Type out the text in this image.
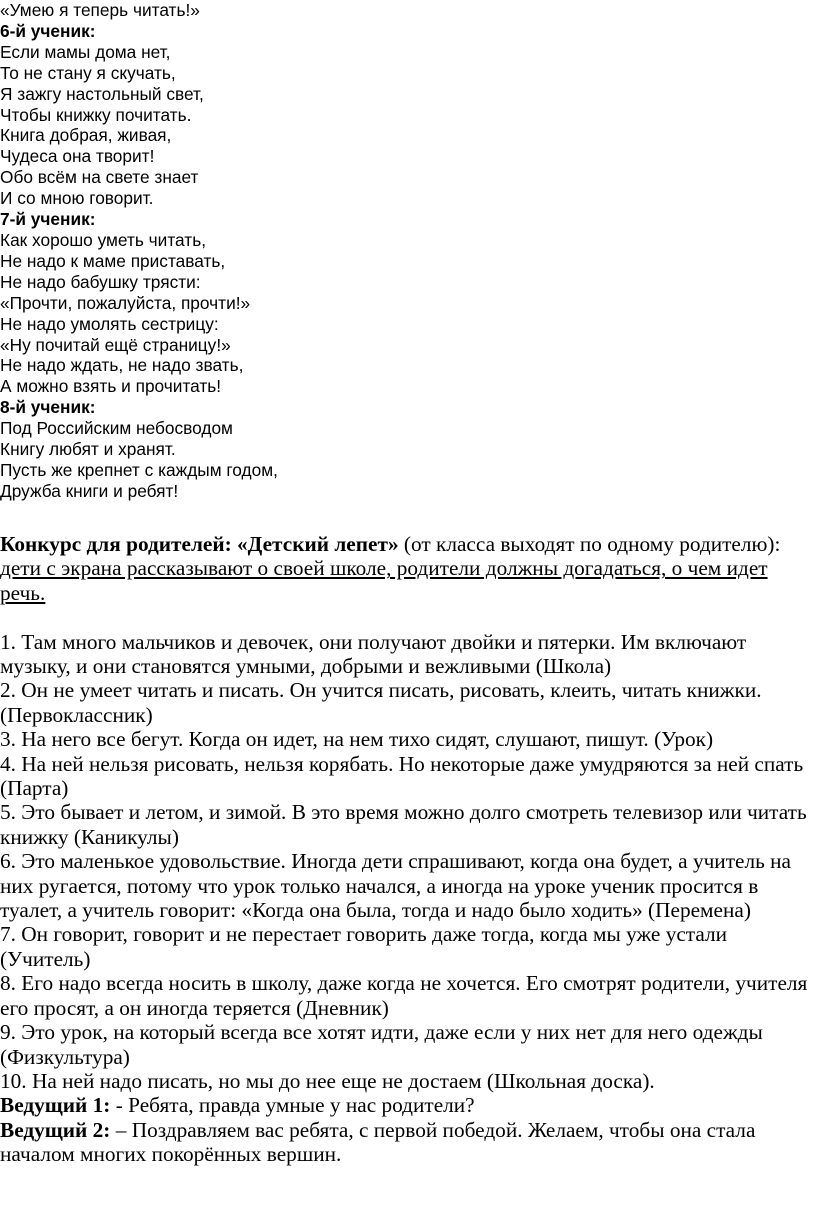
«Умею я теперь читать!»

6-й ученик:

Если мамы дома нет,

То не стану я скучать,

Я зажгу настольный свет,

Чтобы книжку почитать.

Книга добрая, живая,

Чудеса она творит!

Обо всём на свете знает

И со мною говорит.

7-й ученик:

Как хорошо уметь читать,

Не надо к маме приставать,

Не надо бабушку трясти:

«Прочти, пожалуйста, прочти!»

Не надо умолять сестрицу:

«Ну почитай ещё страницу!»

Не надо ждать, не надо звать,

А можно взять и прочитать!

8-й ученик:

Под Российским небосводом

Книгу любят и хранят.

Пусть же крепнет с каждым годом,

Дружба книги и ребят!

Конкурс для родителей: «Детский лепет» (от класса выходят по одному родителю): дети с экрана рассказывают о своей школе, родители должны догадаться, о чем идет речь.

1. Там много мальчиков и девочек, они получают двойки и пятерки. Им включают музыку, и они становятся умными, добрыми и вежливыми (Школа)

2. Он не умеет читать и писать. Он учится писать, рисовать, клеить, читать книжки.(Первоклассник)

3. На него все бегут. Когда он идет, на нем тихо сидят, слушают, пишут. (Урок)

4. На ней нельзя рисовать, нельзя корябать. Но некоторые даже умудряются за ней спать (Парта)

5. Это бывает и летом, и зимой. В это время можно долго смотреть телевизор или читать книжку (Каникулы)

6. Это маленькое удовольствие. Иногда дети спрашивают, когда она будет, а учитель на них ругается, потому что урок только начался, а иногда на уроке ученик просится в туалет, а учитель говорит: «Когда она была, тогда и надо было ходить» (Перемена)

7. Он говорит, говорит и не перестает говорить даже тогда, когда мы уже устали (Учитель)

8. Его надо всегда носить в школу, даже когда не хочется. Его смотрят родители, учителя его просят, а он иногда теряется (Дневник)

9. Это урок, на который всегда все хотят идти, даже если у них нет для него одежды (Физкультура)

10. На ней надо писать, но мы до нее еще не достаем (Школьная доска).

Ведущий 1: - Ребята, правда умные у нас родители?

Ведущий 2: – Поздравляем вас ребята, с первой победой. Желаем, чтобы она стала началом многих покорённых вершин.
